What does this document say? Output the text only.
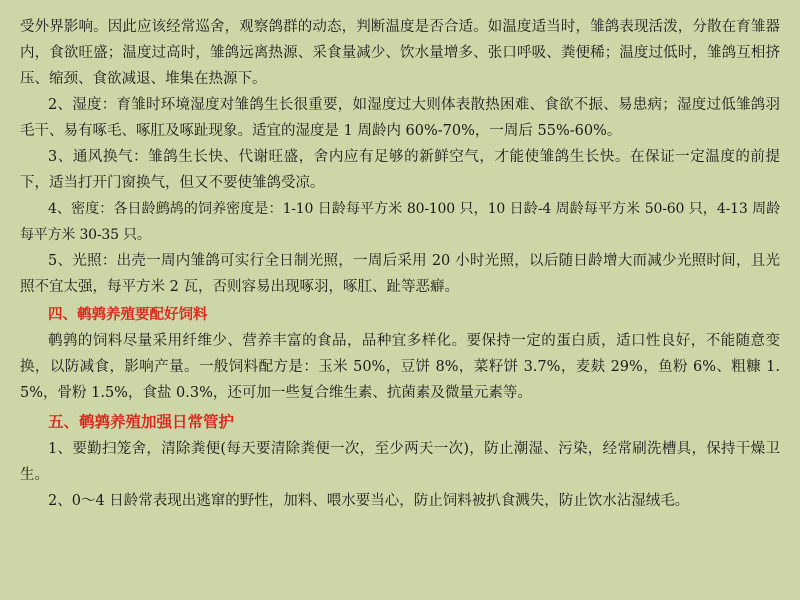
受外界影响。因此应该经常巡舍，观察鸽群的动态，判断温度是否合适。如温度适当时，雏鸽表现活泼，分散在育雏器内，食欲旺盛；温度过高时，雏鸽远离热源、采食量减少、饮水量增多、张口呼吸、粪便稀；温度过低时，雏鸽互相挤压、缩颈、食欲减退、堆集在热源下。

2、湿度：育雏时环境湿度对雏鸽生长很重要，如湿度过大则体表散热困难、食欲不振、易患病；湿度过低雏鸽羽毛干、易有啄毛、啄肛及啄趾现象。适宜的湿度是 1 周龄内 60%-70%，一周后 55%-60%。

3、通风换气：雏鸽生长快、代谢旺盛，舍内应有足够的新鲜空气，才能使雏鸽生长快。在保证一定温度的前提下，适当打开门窗换气，但又不要使雏鸽受凉。

4、密度：各日龄鹧鸪的饲养密度是：1-10 日龄每平方米 80-100 只，10 日龄-4 周龄每平方米 50-60 只，4-13 周龄每平方米 30-35 只。

5、光照：出壳一周内雏鸽可实行全日制光照，一周后采用 20 小时光照，以后随日龄增大而减少光照时间，且光照不宜太强，每平方米 2 瓦，否则容易出现啄羽，啄肛、趾等恶癖。

四、鹌鹑养殖要配好饲料

鹌鹑的饲料尽量采用纤维少、营养丰富的食品，品种宜多样化。要保持一定的蛋白质，适口性良好，不能随意变换，以防减食，影响产量。一般饲料配方是：玉米 50%，豆饼 8%，菜籽饼 3.7%，麦麸 29%，鱼粉 6%、粗糠 1.5%，骨粉 1.5%，食盐 0.3%，还可加一些复合维生素、抗菌素及微量元素等。

五、鹌鹑养殖加强日常管护

1、要勤扫笼舍，清除粪便(每天要清除粪便一次，至少两天一次)，防止潮湿、污染，经常刷洗槽具，保持干燥卫生。

2、0～4 日龄常表现出逃窜的野性，加料、喂水要当心，防止饲料被扒食溅失，防止饮水沾湿绒毛。
